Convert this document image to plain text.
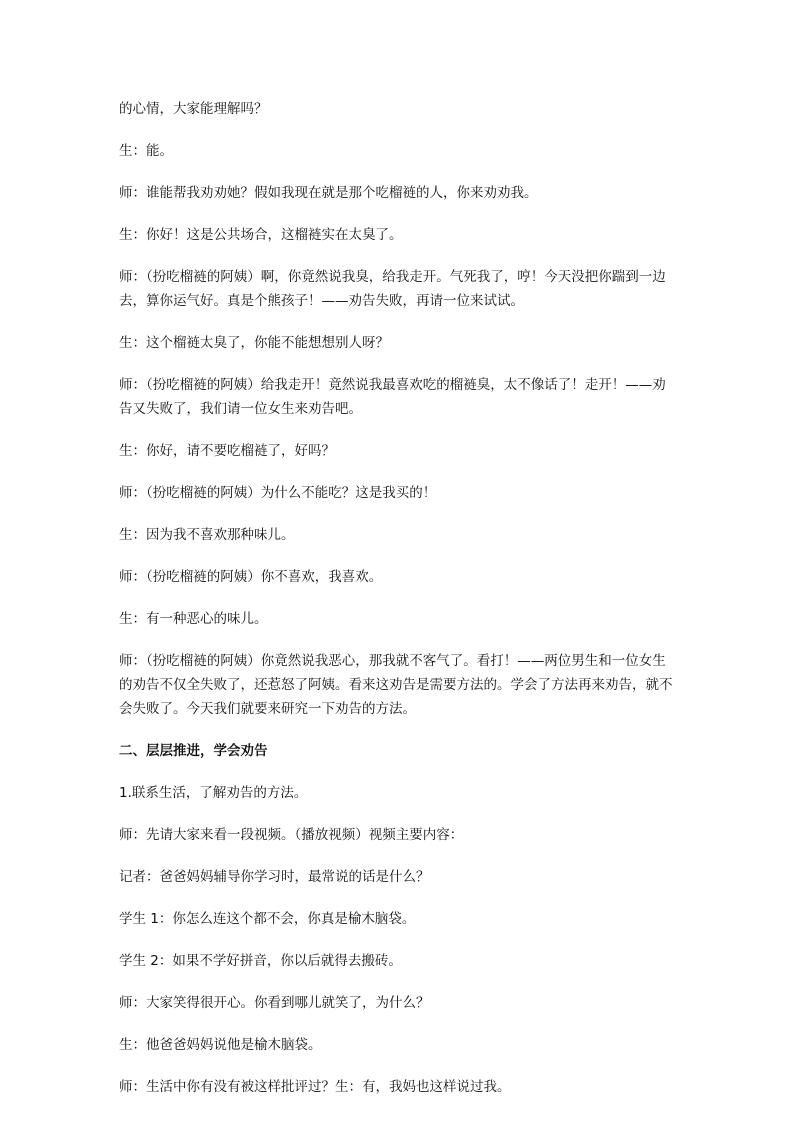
的心情，大家能理解吗？

生：能。

师：谁能帮我劝劝她？假如我现在就是那个吃榴裢的人，你来劝劝我。

生：你好！这是公共场合，这榴裢实在太臭了。

师：（扮吃榴裢的阿姨）啊，你竟然说我臭，给我走开。气死我了，哼！今天没把你踹到一边去，算你运气好。真是个熊孩子！——劝告失败，再请一位来试试。

生：这个榴裢太臭了，你能不能想想别人呀？

师：（扮吃榴裢的阿姨）给我走开！竟然说我最喜欢吃的榴裢臭，太不像话了！走开！——劝告又失败了，我们请一位女生来劝告吧。

生：你好，请不要吃榴裢了，好吗？

师：（扮吃榴裢的阿姨）为什么不能吃？这是我买的！

生：因为我不喜欢那种味儿。

师：（扮吃榴裢的阿姨）你不喜欢，我喜欢。

生：有一种恶心的味儿。

师：（扮吃榴裢的阿姨）你竟然说我恶心，那我就不客气了。看打！——两位男生和一位女生的劝告不仅全失败了，还惹怒了阿姨。看来这劝告是需要方法的。学会了方法再来劝告，就不会失败了。今天我们就要来研究一下劝告的方法。

二、层层推进，学会劝告

1.联系生活，了解劝告的方法。

师：先请大家来看一段视频。（播放视频）视频主要内容：

记者：爸爸妈妈辅导你学习时，最常说的话是什么？

学生 1：你怎么连这个都不会，你真是榆木脑袋。

学生 2：如果不学好拼音，你以后就得去搬砖。

师：大家笑得很开心。你看到哪儿就笑了，为什么？

生：他爸爸妈妈说他是榆木脑袋。

师：生活中你有没有被这样批评过？生：有，我妈也这样说过我。
